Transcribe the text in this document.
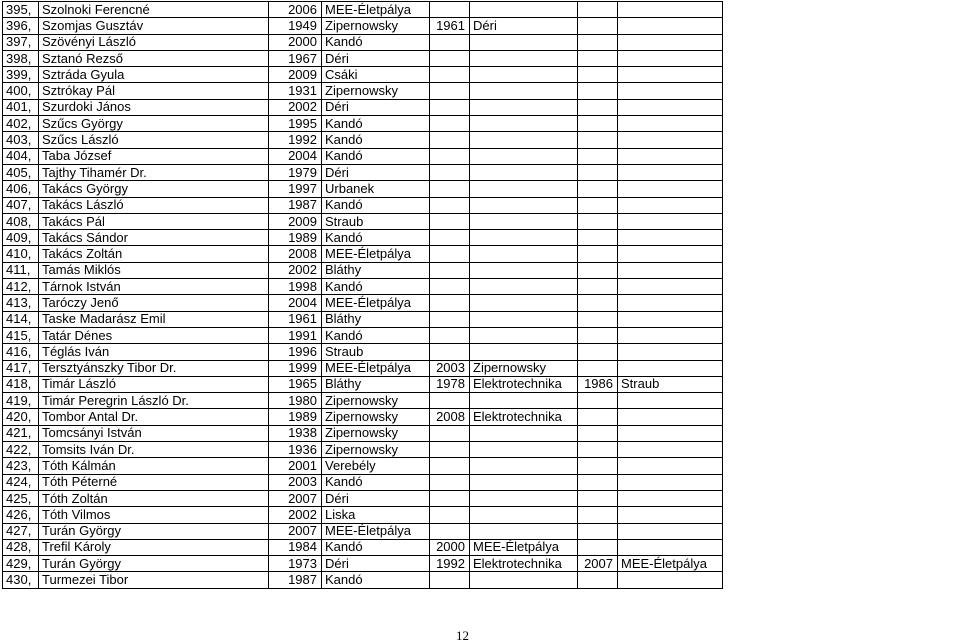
395,	Szolnoki Ferencné	2006	MEE-Életpálya				
396,	Szomjas Gusztáv	1949	Zipernowsky	1961	Déri		
397,	Szövényi László	2000	Kandó				
398,	Sztanó Rezső	1967	Déri				
399,	Sztráda Gyula	2009	Csáki				
400,	Sztrókay Pál	1931	Zipernowsky				
401,	Szurdoki János	2002	Déri				
402,	Szűcs György	1995	Kandó				
403,	Szűcs László	1992	Kandó				
404,	Taba József	2004	Kandó				
405,	Tajthy Tihamér Dr.	1979	Déri				
406,	Takács György	1997	Urbanek				
407,	Takács László	1987	Kandó				
408,	Takács Pál	2009	Straub				
409,	Takács Sándor	1989	Kandó				
410,	Takács Zoltán	2008	MEE-Életpálya				
411,	Tamás Miklós	2002	Bláthy				
412,	Tárnok István	1998	Kandó				
413,	Taróczy Jenő	2004	MEE-Életpálya				
414,	Taske Madarász Emil	1961	Bláthy				
415,	Tatár Dénes	1991	Kandó				
416,	Téglás Iván	1996	Straub				
417,	Tersztyánszky Tibor Dr.	1999	MEE-Életpálya	2003	Zipernowsky		
418,	Timár László	1965	Bláthy	1978	Elektrotechnika	1986	Straub
419,	Timár Peregrin László Dr.	1980	Zipernowsky				
420,	Tombor Antal Dr.	1989	Zipernowsky	2008	Elektrotechnika		
421,	Tomcsányi István	1938	Zipernowsky				
422,	Tomsits Iván Dr.	1936	Zipernowsky				
423,	Tóth Kálmán	2001	Verebély				
424,	Tóth Péterné	2003	Kandó				
425,	Tóth Zoltán	2007	Déri				
426,	Tóth Vilmos	2002	Liska				
427,	Turán György	2007	MEE-Életpálya				
428,	Trefil Károly	1984	Kandó	2000	MEE-Életpálya		
429,	Turán György	1973	Déri	1992	Elektrotechnika	2007	MEE-Életpálya
430,	Turmezei Tibor	1987	Kandó				
12
